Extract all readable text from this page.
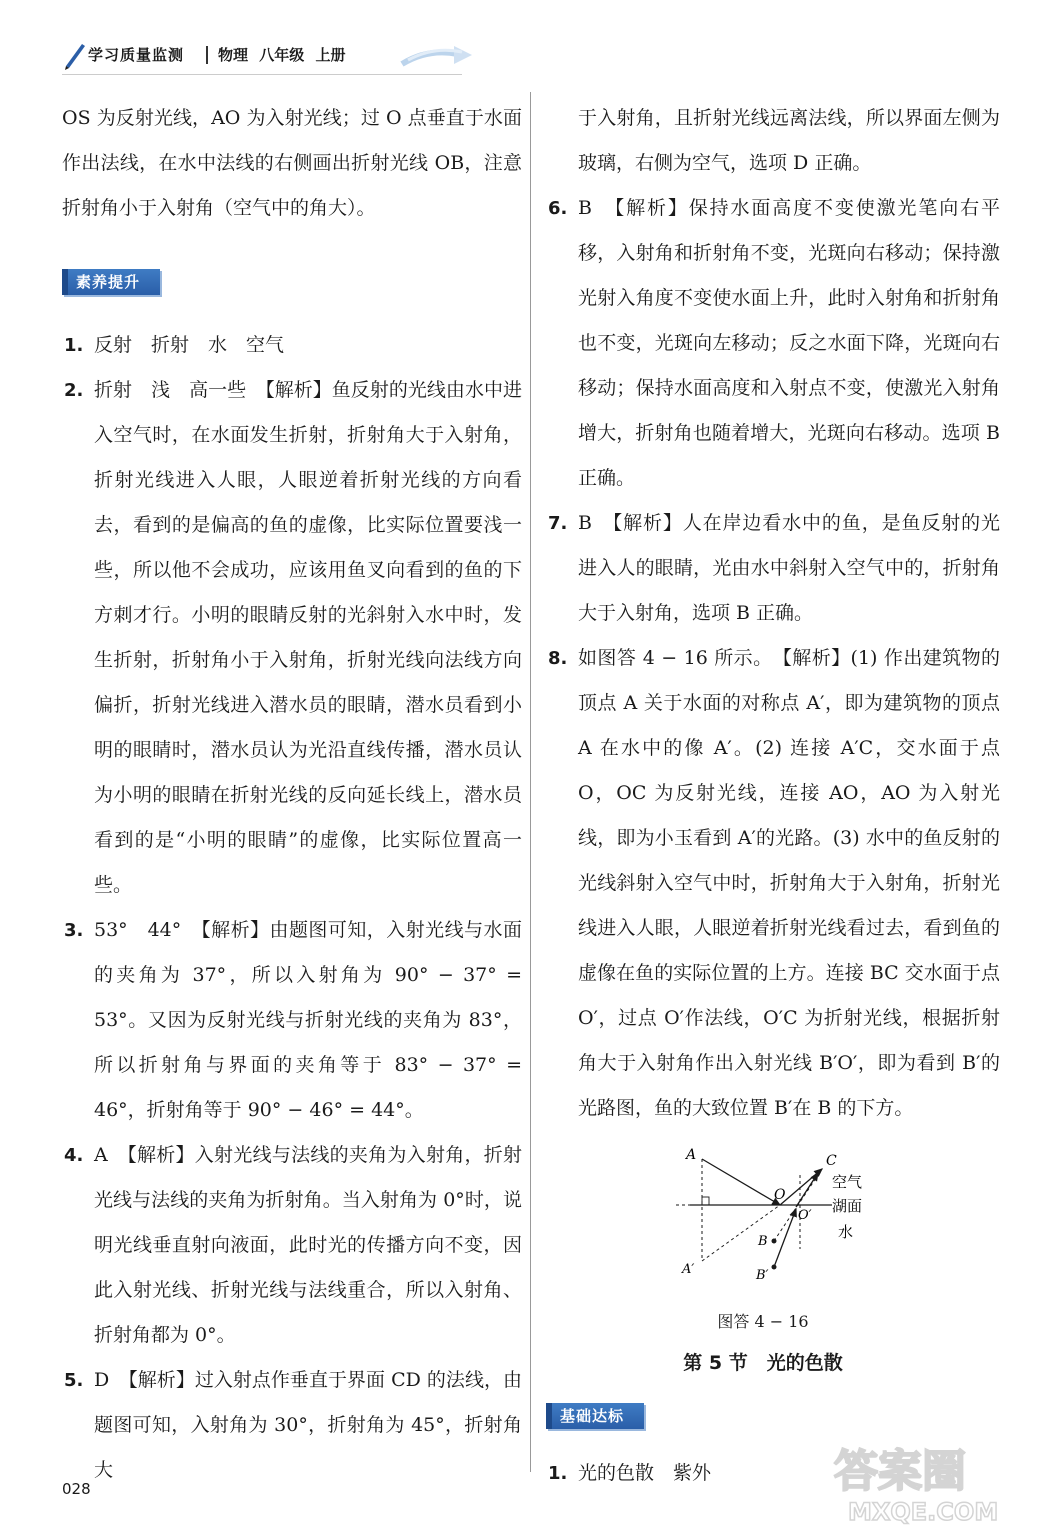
学习质量监测 物理 八年级 上册

OS 为反射光线，AO 为入射光线；过 O 点垂直于水面作出法线，在水中法线的右侧画出折射光线 OB，注意折射角小于入射角（空气中的角大）。

素养提升
1. 反射　折射　水　空气
2. 折射　浅　高一些　【解析】鱼反射的光线由水中进入空气时，在水面发生折射，折射角大于入射角，折射光线进入人眼，人眼逆着折射光线的方向看去，看到的是偏高的鱼的虚像，比实际位置要浅一些，所以他不会成功，应该用鱼叉向看到的鱼的下方刺才行。小明的眼睛反射的光斜射入水中时，发生折射，折射角小于入射角，折射光线向法线方向偏折，折射光线进入潜水员的眼睛，潜水员看到小明的眼睛时，潜水员认为光沿直线传播，潜水员认为小明的眼睛在折射光线的反向延长线上，潜水员看到的是“小明的眼睛”的虚像，比实际位置高一些。
3. 53°　44°　【解析】由题图可知，入射光线与水面的夹角为 37°，所以入射角为 90° − 37° = 53°。又因为反射光线与折射光线的夹角为 83°，所以折射角与界面的夹角等于 83° − 37° = 46°，折射角等于 90° − 46° = 44°。
4. A　【解析】入射光线与法线的夹角为入射角，折射光线与法线的夹角为折射角。当入射角为 0°时，说明光线垂直射向液面，此时光的传播方向不变，因此入射光线、折射光线与法线重合，所以入射角、折射角都为 0°。
5. D　【解析】过入射点作垂直于界面 CD 的法线，由题图可知，入射角为 30°，折射角为 45°，折射角大

于入射角，且折射光线远离法线，所以界面左侧为玻璃，右侧为空气，选项 D 正确。

6. B　【解析】保持水面高度不变使激光笔向右平移，入射角和折射角不变，光斑向右移动；保持激光射入角度不变使水面上升，此时入射角和折射角也不变，光斑向左移动；反之水面下降，光斑向右移动；保持水面高度和入射点不变，使激光入射角增大，折射角也随着增大，光斑向右移动。选项 B 正确。
7. B　【解析】人在岸边看水中的鱼，是鱼反射的光进入人的眼睛，光由水中斜射入空气中的，折射角大于入射角，选项 B 正确。
8. 如图答 4 − 16 所示。　【解析】(1) 作出建筑物的顶点 A 关于水面的对称点 A′，即为建筑物的顶点 A 在水中的像 A′。(2) 连接 A′C，交水面于点 O，OC 为反射光线，连接 AO，AO 为入射光线，即为小玉看到 A′的光路。(3) 水中的鱼反射的光线斜射入空气中时，折射角大于入射角，折射光线进入人眼，人眼逆着折射光线看过去，看到鱼的虚像在鱼的实际位置的上方。连接 BC 交水面于点 O′，过点 O′作法线，O′C 为折射光线，根据折射角大于入射角作出入射光线 B′O′，即为看到 B′的光路图，鱼的大致位置 B′在 B 的下方。
A	C
O
O′
B
B′
A′
空气
湖面
水
图答 4 − 16
第 5 节　光的色散
基础达标
1. 光的色散　紫外
028	答案圈
MXQE.COM
